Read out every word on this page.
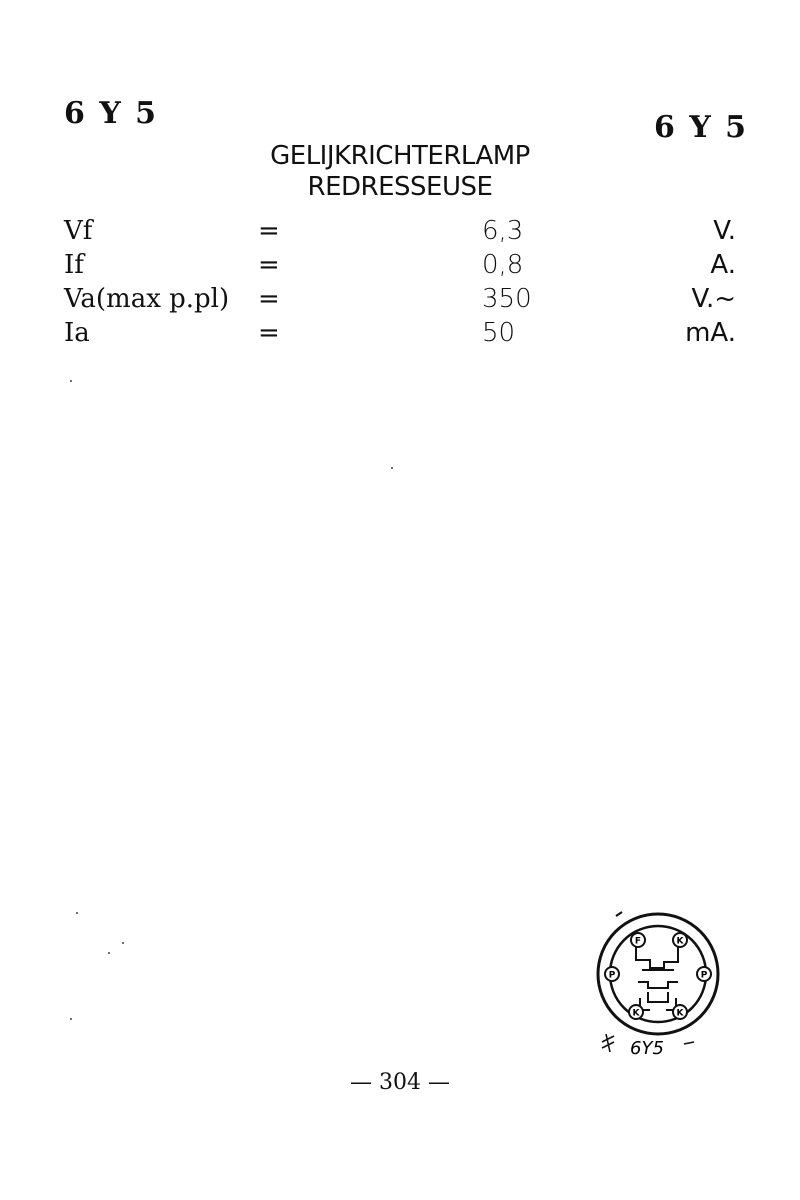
6 Y 5	6 Y 5
GELIJKRICHTERLAMP
REDRESSEUSE
Vf	=	6,3	V.
If	=	0,8	A.
Va(max p.pl) =	350	V.~
Ia	=	50	mA.
F	K
P
K
K
P
6Y5
— 304 —
